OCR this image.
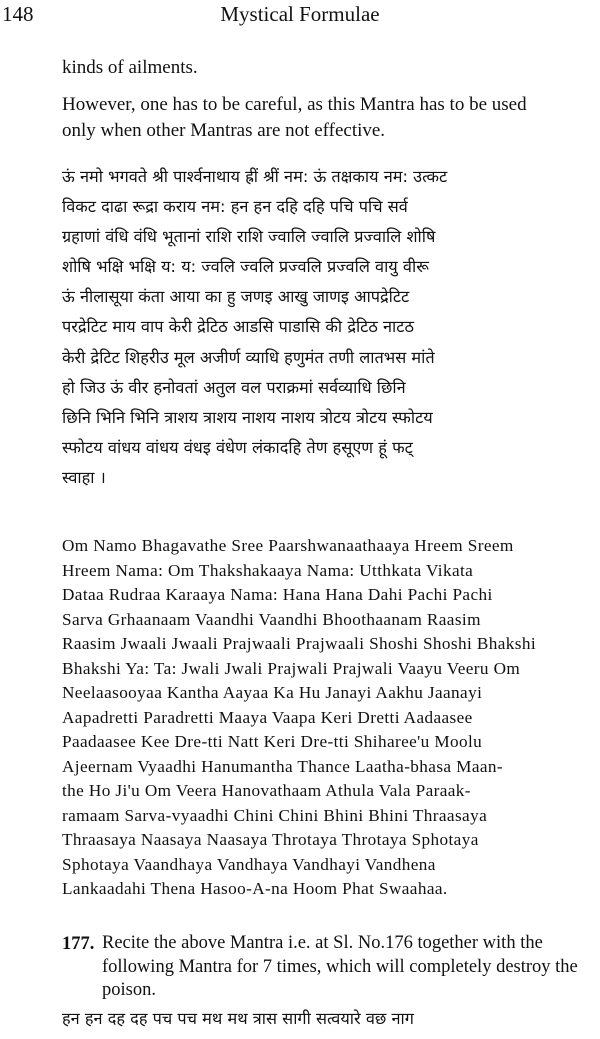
148	Mystical Formulae

kinds of ailments.

However, one has to be careful, as this Mantra has to be used
only when other Mantras are not effective.

ऊं नमो भगवते श्री पार्श्वनाथाय ह्रीं श्रीं नम: ऊं तक्षकाय नम: उत्कट
विकट दाढा रूद्रा कराय नम: हन हन दहि दहि पचि पचि सर्व
ग्रहाणां वंधि वंधि भूतानां राशि राशि ज्वालि ज्वालि प्रज्वालि शोषि
शोषि भक्षि भक्षि य: य: ज्वलि ज्वलि प्रज्वलि प्रज्वलि वायु वीरू
ऊं नीलासूया कंता आया का हु जणइ आखु जाणइ आपद्रेटिट
परद्रेटिट माय वाप केरी द्रेटिठ आडसि पाडासि की द्रेटिठ नाटठ
केरी द्रेटिट शिहरीउ मूल अजीर्ण व्याधि हणुमंत तणी लातभस मांते
हो जिउ ऊं वीर हनोवतां अतुल वल पराक्रमां सर्वव्याधि छिनि
छिनि भिनि भिनि त्राशय त्राशय नाशय नाशय त्रोटय त्रोटय स्फोटय
स्फोटय वांधय वांधय वंधइ वंधेण लंकादहि तेण हसूएण हूं फट्
स्वाहा ।

Om Namo Bhagavathe Sree Paarshwanaathaaya Hreem Sreem
Hreem Nama: Om Thakshakaaya Nama: Utthkata Vikata
Dataa Rudraa Karaaya Nama: Hana Hana Dahi Pachi Pachi
Sarva Grhaanaam Vaandhi Vaandhi Bhoothaanam Raasim
Raasim Jwaali Jwaali Prajwaali Prajwaali Shoshi Shoshi Bhakshi
Bhakshi Ya: Ta: Jwali Jwali Prajwali Prajwali Vaayu Veeru Om
Neelaasooyaa Kantha Aayaa Ka Hu Janayi Aakhu Jaanayi
Aapadretti Paradretti Maaya Vaapa Keri Dretti Aadaasee
Paadaasee Kee Dre-tti Natt Keri Dre-tti Shiharee'u Moolu
Ajeernam Vyaadhi Hanumantha Thance Laatha-bhasa Maan-
the Ho Ji'u Om Veera Hanovathaam Athula Vala Paraak-
ramaam Sarva-vyaadhi Chini Chini Bhini Bhini Thraasaya
Thraasaya Naasaya Naasaya Throtaya Throtaya Sphotaya
Sphotaya Vaandhaya Vandhaya Vandhayi Vandhena
Lankaadahi Thena Hasoo-A-na Hoom Phat Swaahaa.

177. Recite the above Mantra i.e. at Sl. No.176 together with the
following Mantra for 7 times, which will completely destroy the
poison.

हन हन दह दह पच पच मथ मथ त्रास सागी सत्वयारे वछ नाग
